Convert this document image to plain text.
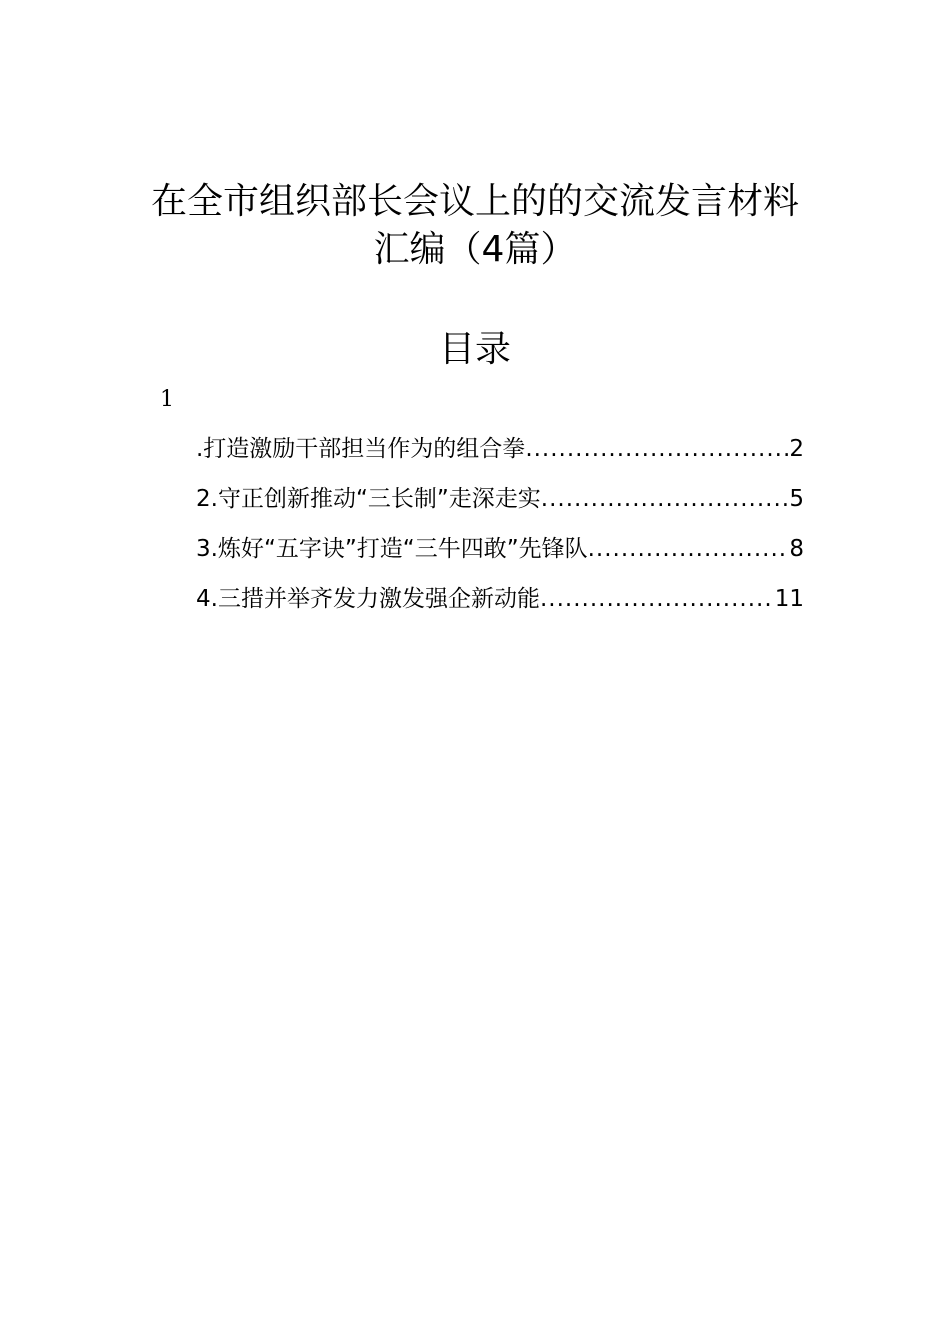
在全市组织部长会议上的的交流发言材料
汇编（4篇）
目录
1
.打造激励干部担当作为的组合拳 .....	2
2.守正创新推动“三长制”走深走实 .....	5
3.炼好“五字诀”打造“三牛四敢”先锋队 .....	8
4.三措并举齐发力激发强企新动能 .....	11
